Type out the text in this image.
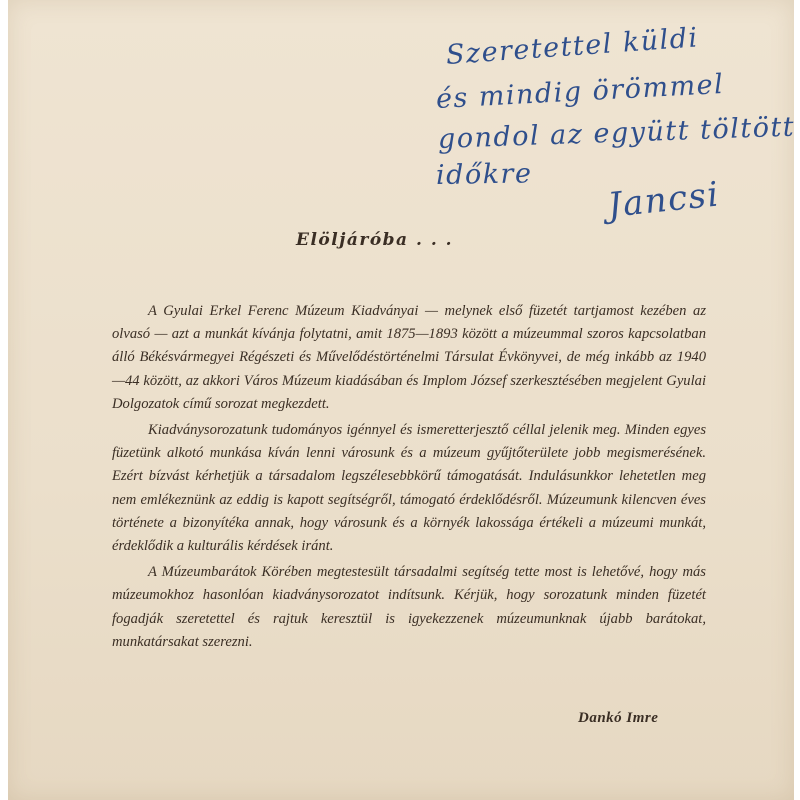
Szeretettel küldi
és mindig örömmel
gondol az együtt töltött
időkre Jancsi
Elöljáróba . . .

A Gyulai Erkel Ferenc Múzeum Kiadványai — melynek első füzetét tartjamost kezében az olvasó — azt a munkát kívánja folytatni, amit 1875—1893 között a múzeummal szoros kapcsolatban álló Békésvármegyei Régészeti és Művelődéstörténelmi Társulat Évkönyvei, de még inkább az 1940—44 között, az akkori Város Múzeum kiadásában és Implom József szerkesztésében megjelent Gyulai Dolgozatok című sorozat megkezdett.

Kiadványsorozatunk tudományos igénnyel és ismeretterjesztő céllal jelenik meg. Minden egyes füzetünk alkotó munkása kíván lenni városunk és a múzeum gyűjtőterülete jobb megismerésének. Ezért bízvást kérhetjük a társadalom legszélesebbkörű támogatását. Indulásunkkor lehetetlen meg nem emlékeznünk az eddig is kapott segítségről, támogató érdeklődésről. Múzeumunk kilencven éves története a bizonyítéka annak, hogy városunk és a környék lakossága értékeli a múzeumi munkát, érdeklődik a kulturális kérdések iránt.

A Múzeumbarátok Körében megtestesült társadalmi segítség tette most is lehetővé, hogy más múzeumokhoz hasonlóan kiadványsorozatot indítsunk. Kérjük, hogy sorozatunk minden füzetét fogadják szeretettel és rajtuk keresztül is igyekezzenek múzeumunknak újabb barátokat, munkatársakat szerezni.

Dankó Imre
